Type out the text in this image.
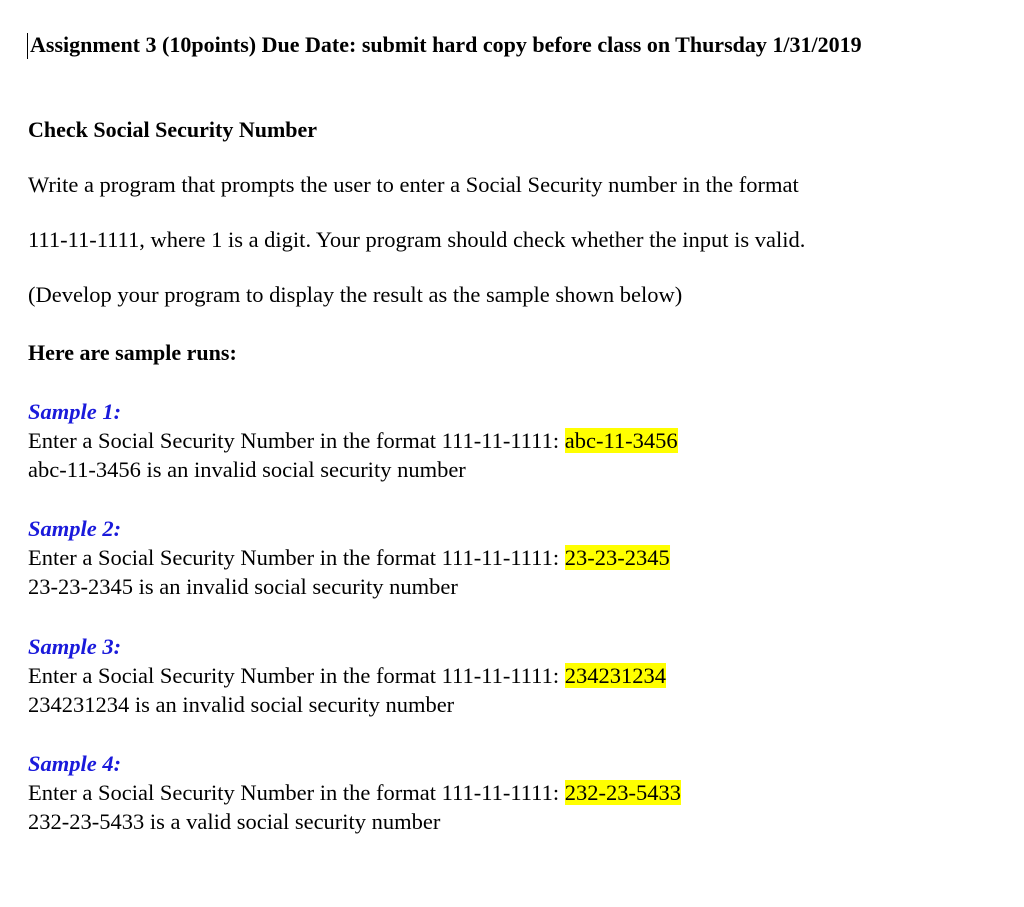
Assignment 3 (10points) Due Date: submit hard copy before class on Thursday 1/31/2019
Check Social Security Number
Write a program that prompts the user to enter a Social Security number in the format
111-11-1111, where 1 is a digit. Your program should check whether the input is valid.
(Develop your program to display the result as the sample shown below)
Here are sample runs:
Sample 1:
Enter a Social Security Number in the format 111-11-1111: abc-11-3456
abc-11-3456 is an invalid social security number
Sample 2:
Enter a Social Security Number in the format 111-11-1111: 23-23-2345
23-23-2345 is an invalid social security number
Sample 3:
Enter a Social Security Number in the format 111-11-1111: 234231234
234231234 is an invalid social security number
Sample 4:
Enter a Social Security Number in the format 111-11-1111: 232-23-5433
232-23-5433 is a valid social security number
